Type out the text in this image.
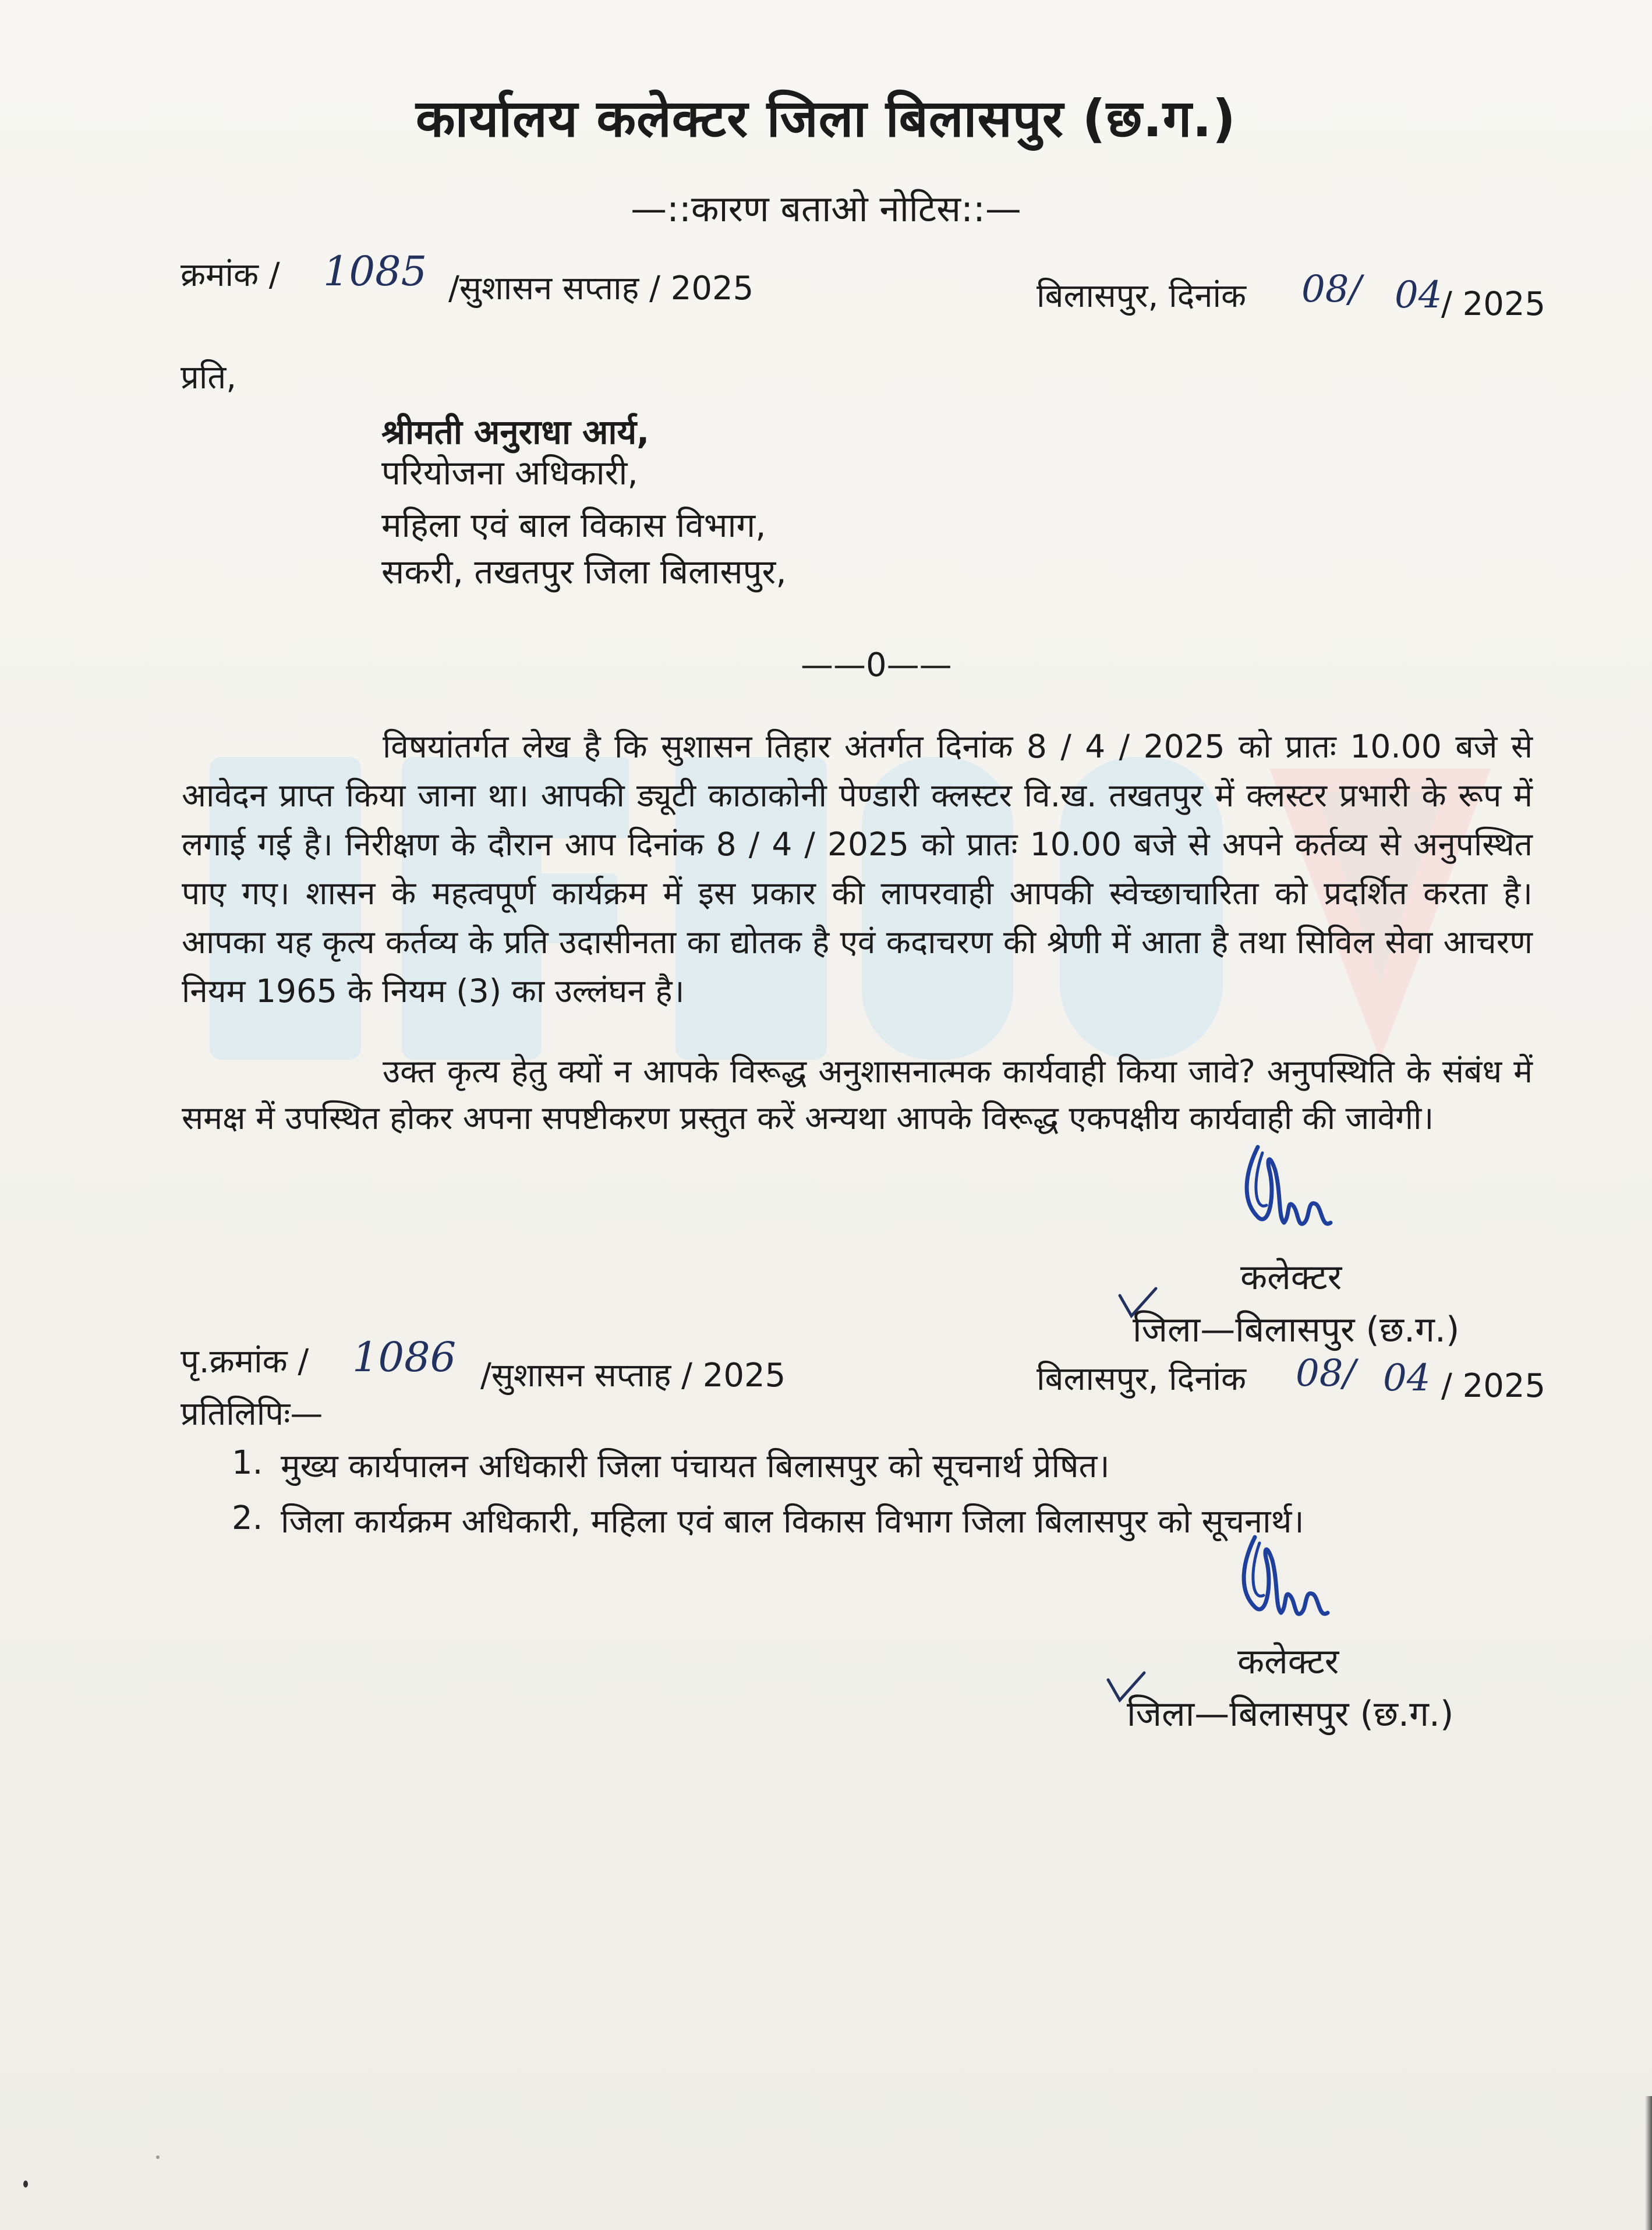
कार्यालय कलेक्टर जिला बिलासपुर (छ.ग.)
—::कारण बताओ नोटिस::—
क्रमांक / 1085 /सुशासन सप्ताह / 2025	बिलासपुर, दिनांक 08/ 04
/ 2025
प्रति,
श्रीमती अनुराधा आर्य,
परियोजना अधिकारी,
महिला एवं बाल विकास विभाग,
सकरी, तखतपुर जिला बिलासपुर,
——0——
विषयांतर्गत लेख है कि सुशासन तिहार अंतर्गत दिनांक 8 / 4 / 2025 को प्रातः 10.00 बजे से आवेदन प्राप्त किया जाना था। आपकी ड्यूटी काठाकोनी पेण्डारी क्लस्टर वि.ख. तखतपुर में क्लस्टर प्रभारी के रूप में लगाई गई है। निरीक्षण के दौरान आप दिनांक 8 / 4 / 2025 को प्रातः 10.00 बजे से अपने कर्तव्य से अनुपस्थित पाए गए। शासन के महत्वपूर्ण कार्यक्रम में इस प्रकार की लापरवाही आपकी स्वेच्छाचारिता को प्रदर्शित करता है। आपका यह कृत्य कर्तव्य के प्रति उदासीनता का द्योतक है एवं कदाचरण की श्रेणी में आता है तथा सिविल सेवा आचरण नियम 1965 के नियम (3) का उल्लंघन है।
उक्त कृत्य हेतु क्यों न आपके विरूद्ध अनुशासनात्मक कार्यवाही किया जावे? अनुपस्थिति के संबंध में समक्ष में उपस्थित होकर अपना सपष्टीकरण प्रस्तुत करें अन्यथा आपके विरूद्ध एकपक्षीय कार्यवाही की जावेगी।
कलेक्टर
जिला—बिलासपुर (छ.ग.)
पृ.क्रमांक / 1086 /सुशासन सप्ताह / 2025	बिलासपुर, दिनांक 08/ 04 / 2025
प्रतिलिपिः—
1. मुख्य कार्यपालन अधिकारी जिला पंचायत बिलासपुर को सूचनार्थ प्रेषित।
2. जिला कार्यक्रम अधिकारी, महिला एवं बाल विकास विभाग जिला बिलासपुर को सूचनार्थ।
कलेक्टर
जिला—बिलासपुर (छ.ग.)
